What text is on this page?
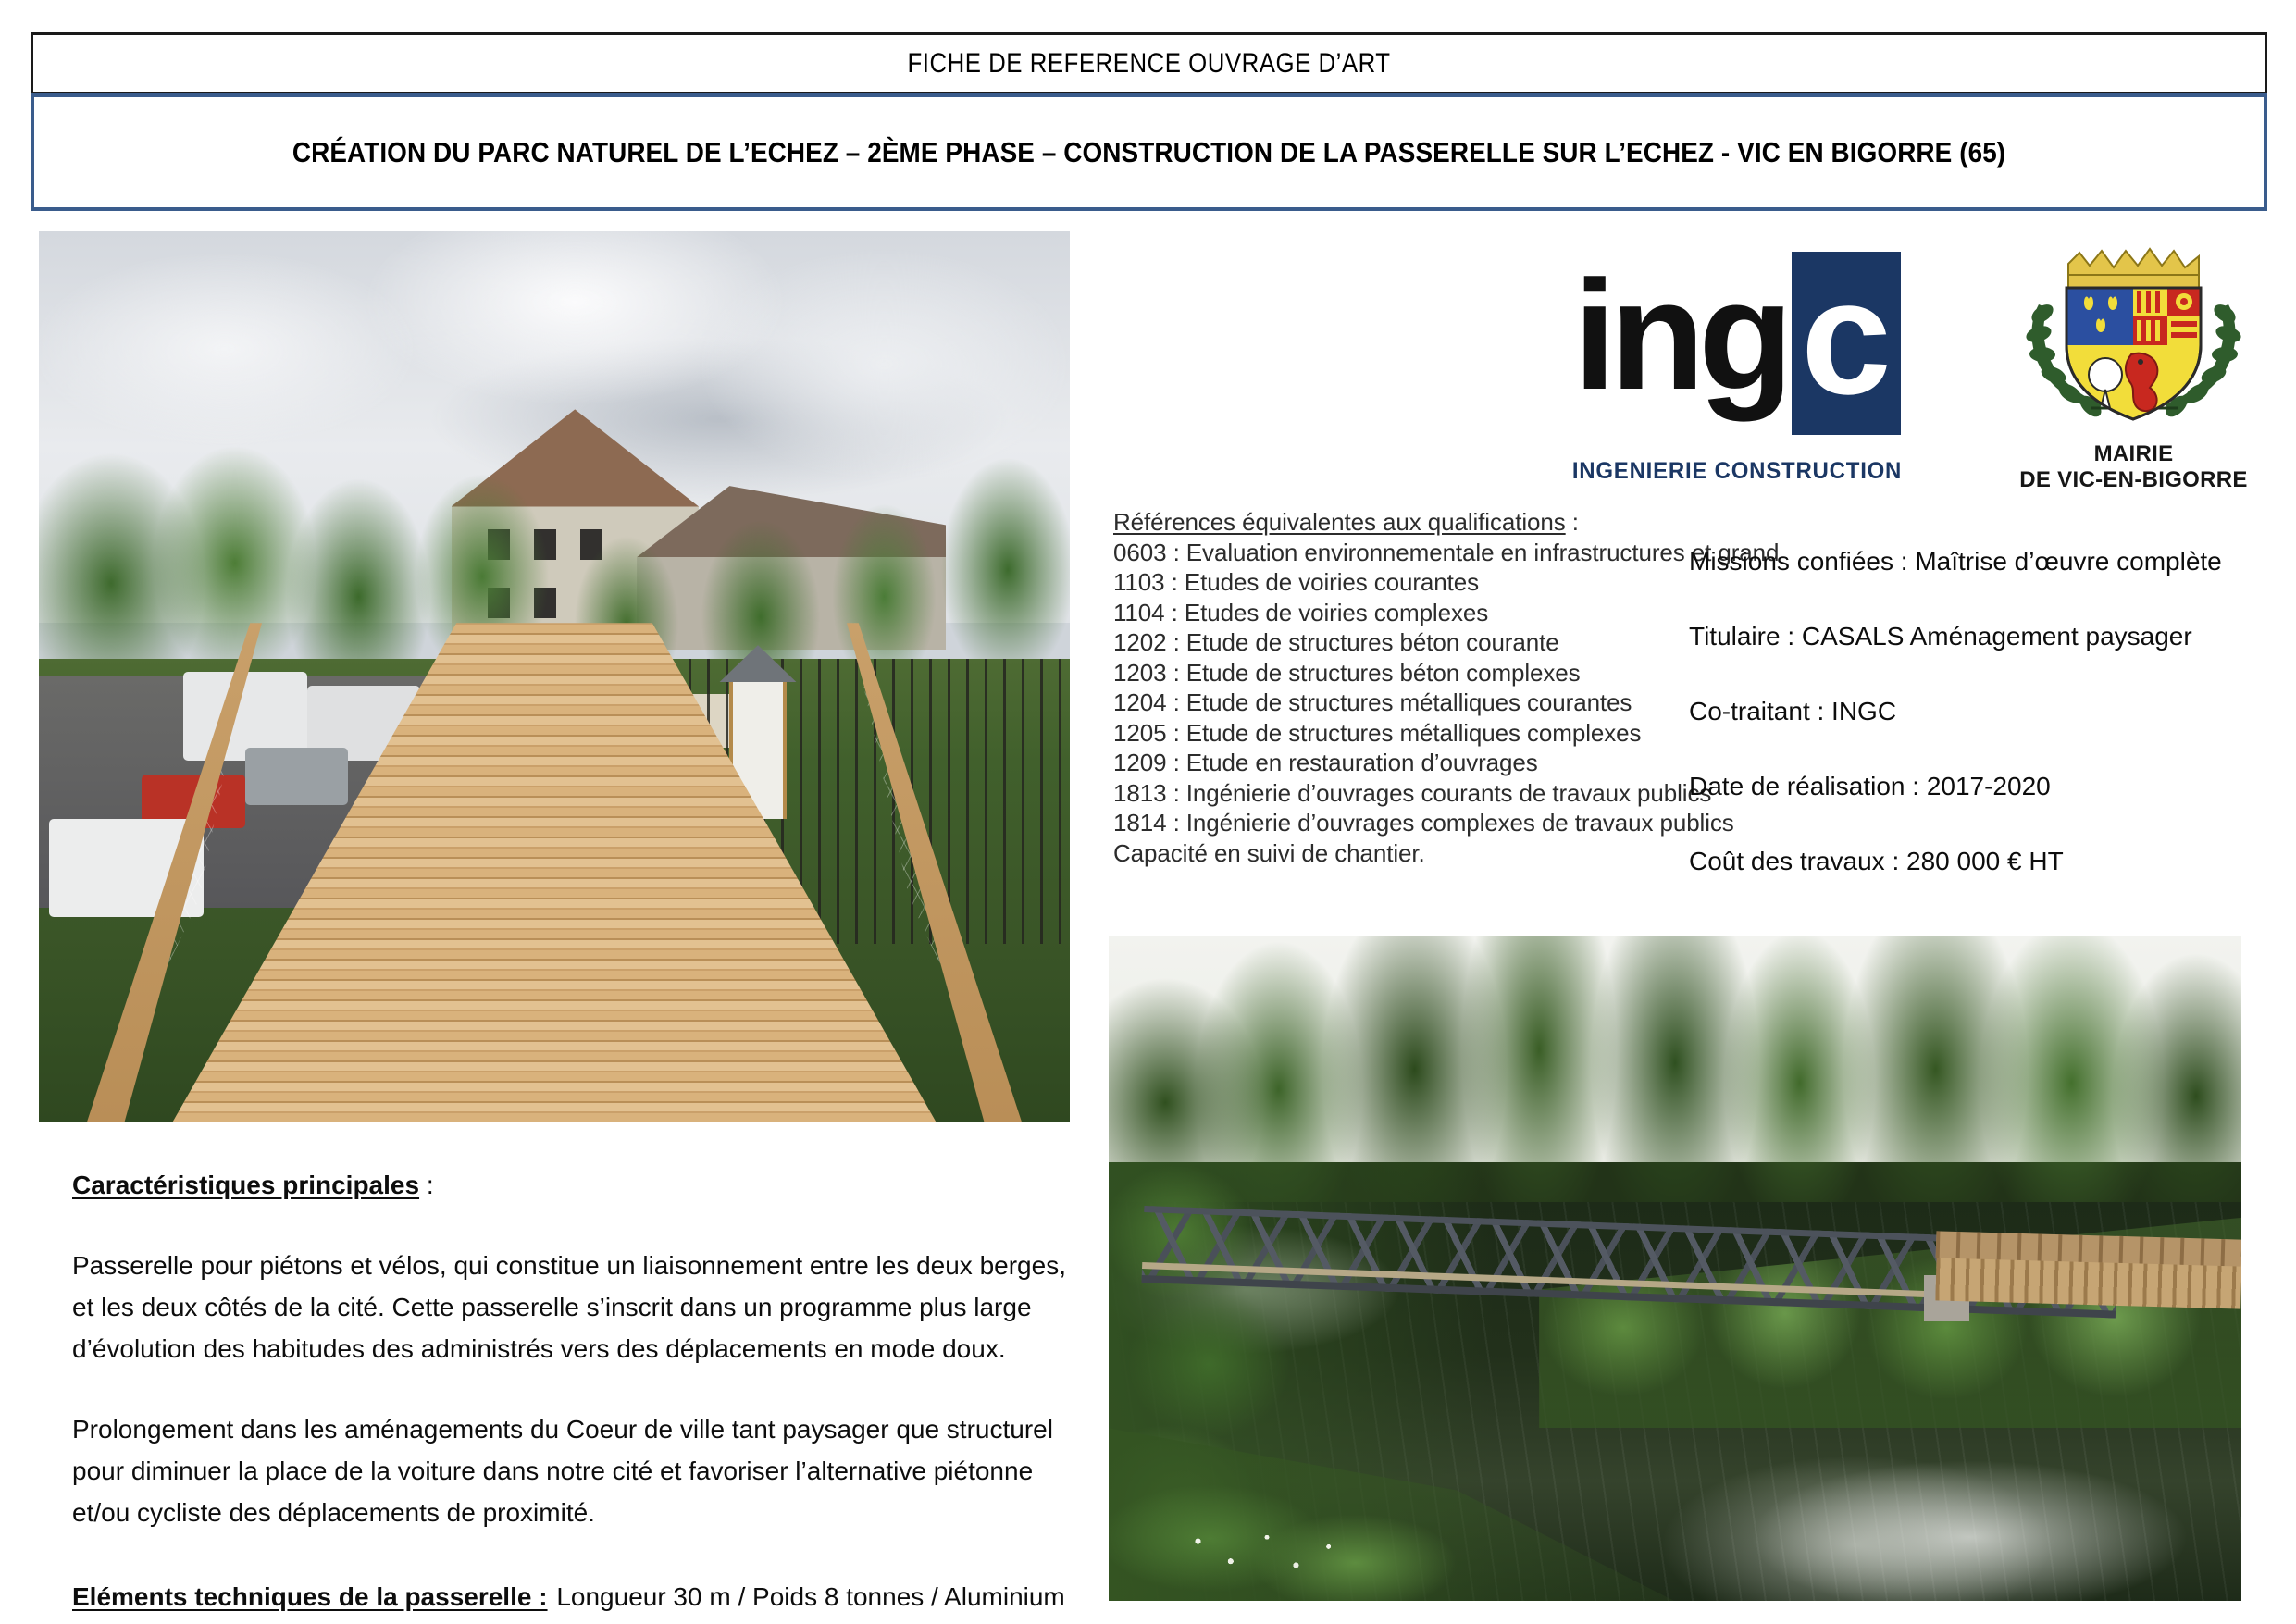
FICHE DE REFERENCE OUVRAGE D’ART
CRÉATION DU PARC NATUREL DE L’ECHEZ – 2ÈME PHASE – CONSTRUCTION DE LA PASSERELLE SUR L’ECHEZ - VIC EN BIGORRE (65)
ing c
INGENIERIE CONSTRUCTION
MAIRIE
DE VIC-EN-BIGORRE
Références équivalentes aux qualifications :
0603 : Evaluation environnementale en infrastructures et grand
1103 : Etudes de voiries courantes
1104 : Etudes de voiries complexes
1202 : Etude de structures béton courante
1203 : Etude de structures béton complexes
1204 : Etude de structures métalliques courantes
1205 : Etude de structures métalliques complexes
1209 : Etude en restauration d’ouvrages
1813 : Ingénierie d’ouvrages courants de travaux publics
1814 : Ingénierie d’ouvrages complexes de travaux publics
Capacité en suivi de chantier.
Missions confiées : Maîtrise d’œuvre complète
Titulaire : CASALS Aménagement paysager
Co-traitant : INGC
Date de réalisation : 2017-2020
Coût des travaux : 280 000 € HT
Caractéristiques principales :
Passerelle pour piétons et vélos, qui constitue un liaisonnement entre les deux berges, et les deux côtés de la cité. Cette passerelle s’inscrit dans un programme plus large d’évolution des habitudes des administrés vers des déplacements en mode doux.
Prolongement dans les aménagements du Coeur de ville tant paysager que structurel pour diminuer la place de la voiture dans notre cité et favoriser l’alternative piétonne et/ou cycliste des déplacements de proximité.
Eléments techniques de la passerelle : Longueur 30 m / Poids 8 tonnes / Aluminium
